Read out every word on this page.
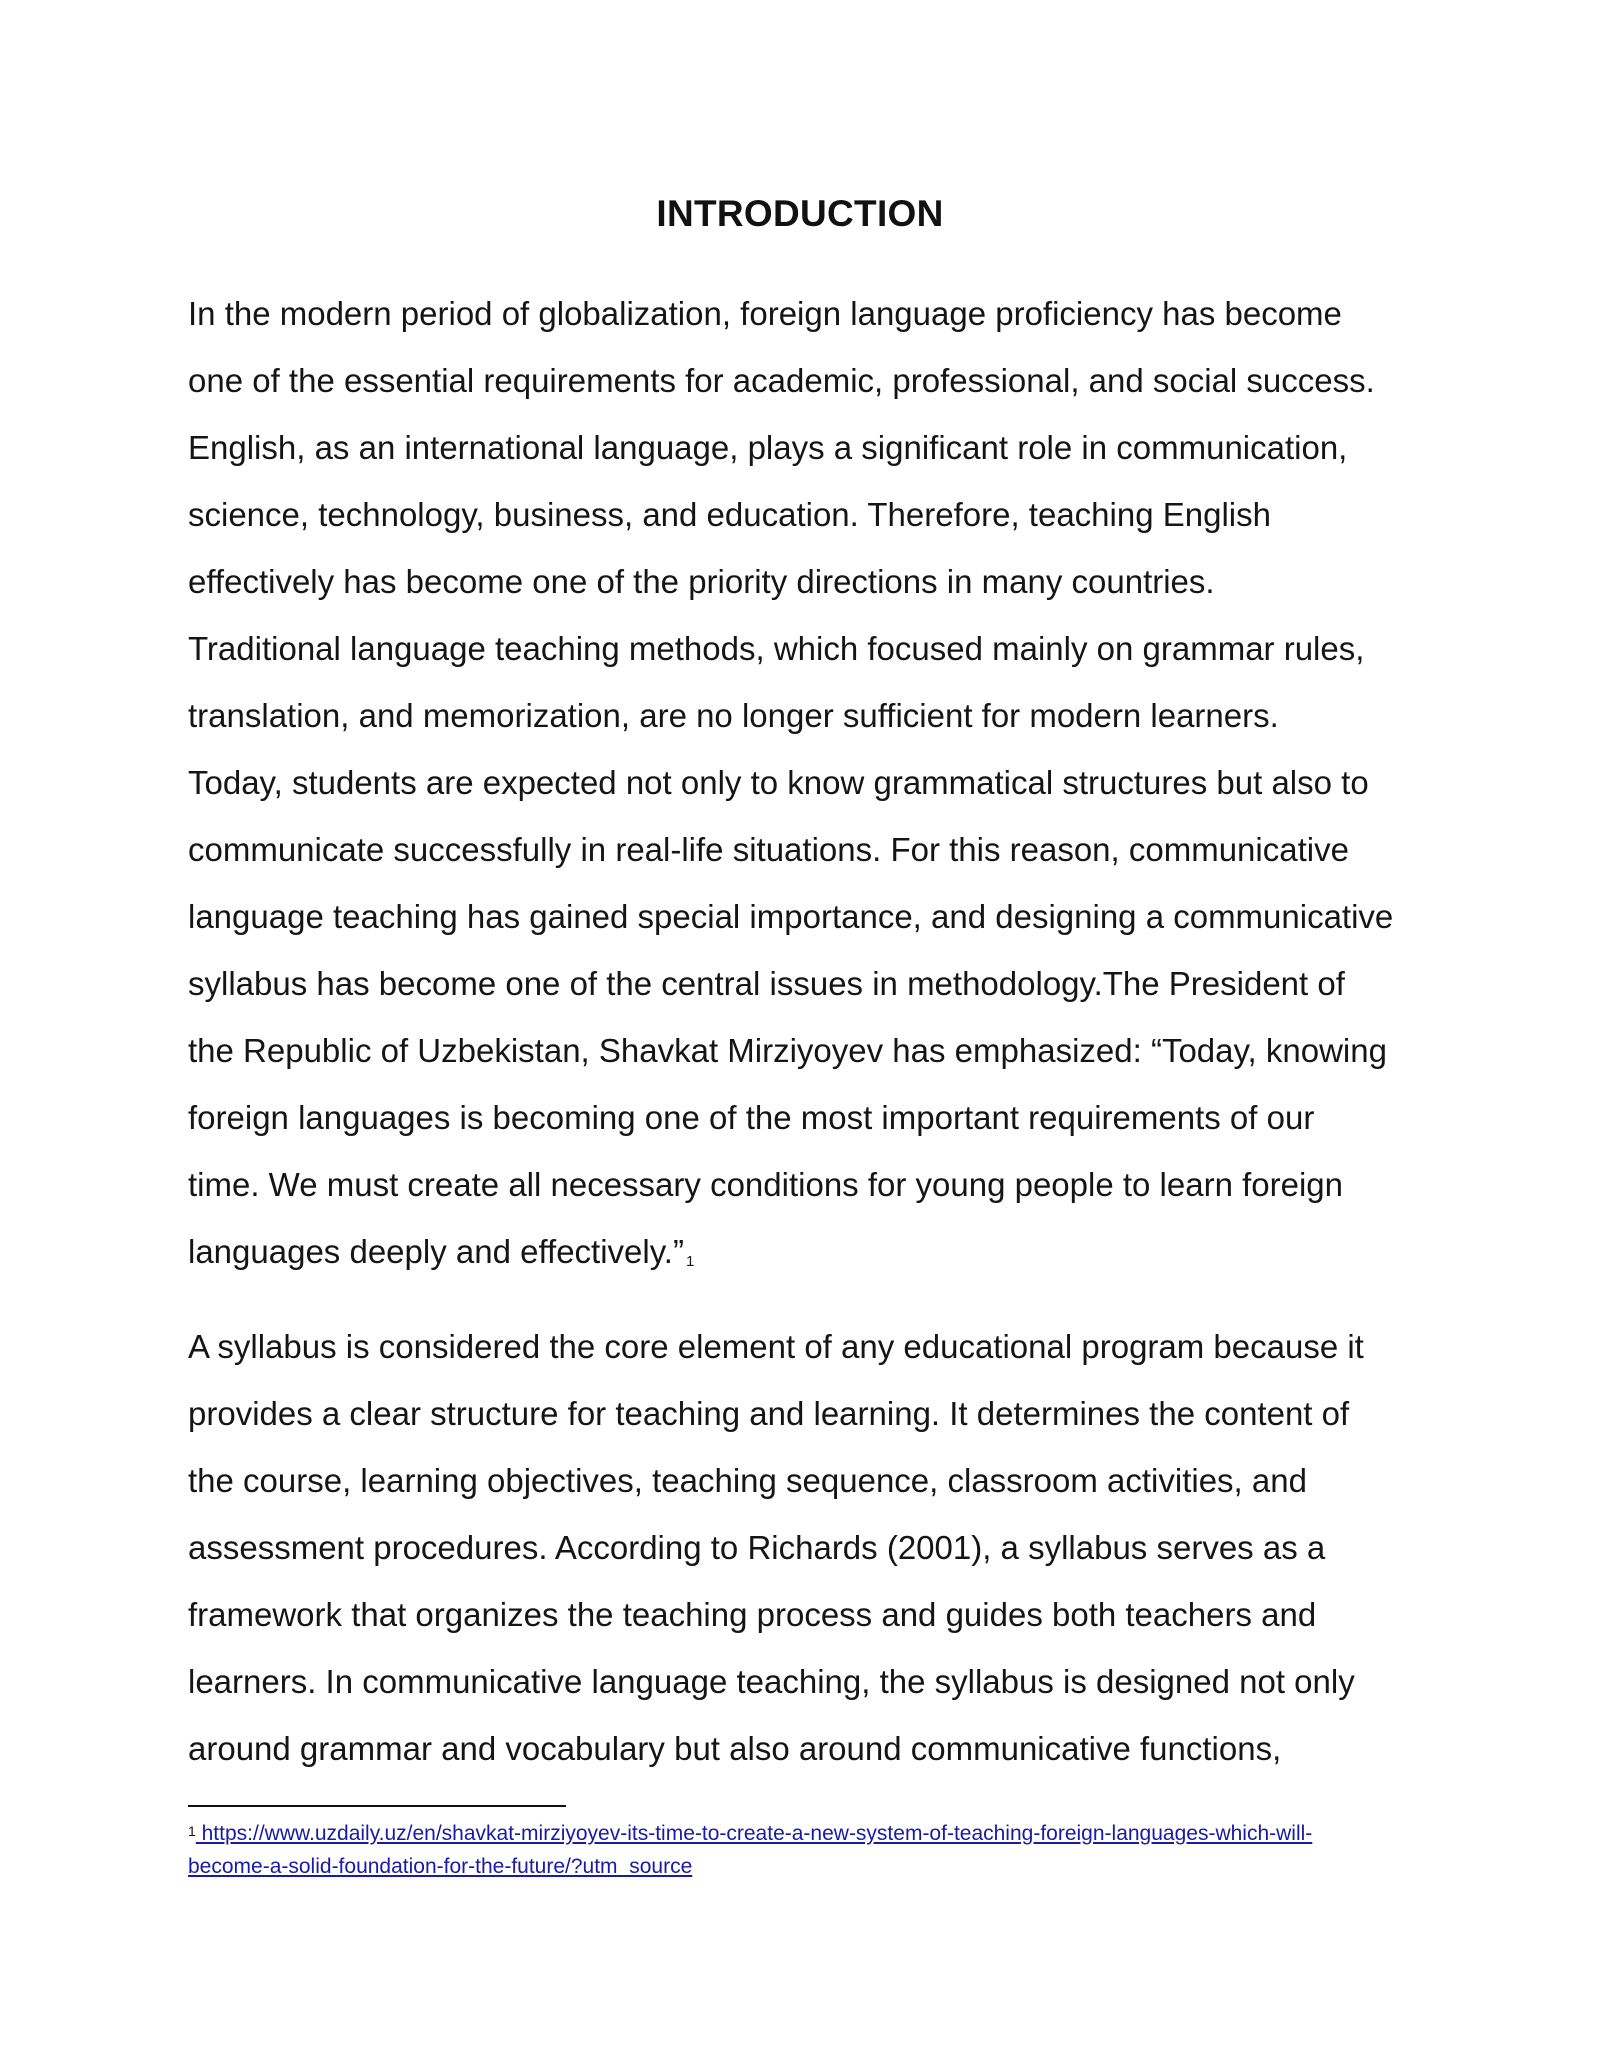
INTRODUCTION
In the modern period of globalization, foreign language proficiency has become
one of the essential requirements for academic, professional, and social success.
English, as an international language, plays a significant role in communication,
science, technology, business, and education. Therefore, teaching English
effectively has become one of the priority directions in many countries.
Traditional language teaching methods, which focused mainly on grammar rules,
translation, and memorization, are no longer sufficient for modern learners.
Today, students are expected not only to know grammatical structures but also to
communicate successfully in real-life situations. For this reason, communicative
language teaching has gained special importance, and designing a communicative
syllabus has become one of the central issues in methodology.The President of
the Republic of Uzbekistan, Shavkat Mirziyoyev has emphasized: “Today, knowing
foreign languages is becoming one of the most important requirements of our
time. We must create all necessary conditions for young people to learn foreign
languages deeply and effectively.” $^1$
A syllabus is considered the core element of any educational program because it
provides a clear structure for teaching and learning. It determines the content of
the course, learning objectives, teaching sequence, classroom activities, and
assessment procedures. According to Richards (2001), a syllabus serves as a
framework that organizes the teaching process and guides both teachers and
learners. In communicative language teaching, the syllabus is designed not only
around grammar and vocabulary but also around communicative functions,
$^1$ https://www.uzdaily.uz/en/shavkat-mirziyoyev-its-time-to-create-a-new-system-of-teaching-foreign-languages-which-will-
become-a-solid-foundation-for-the-future/?utm_source
